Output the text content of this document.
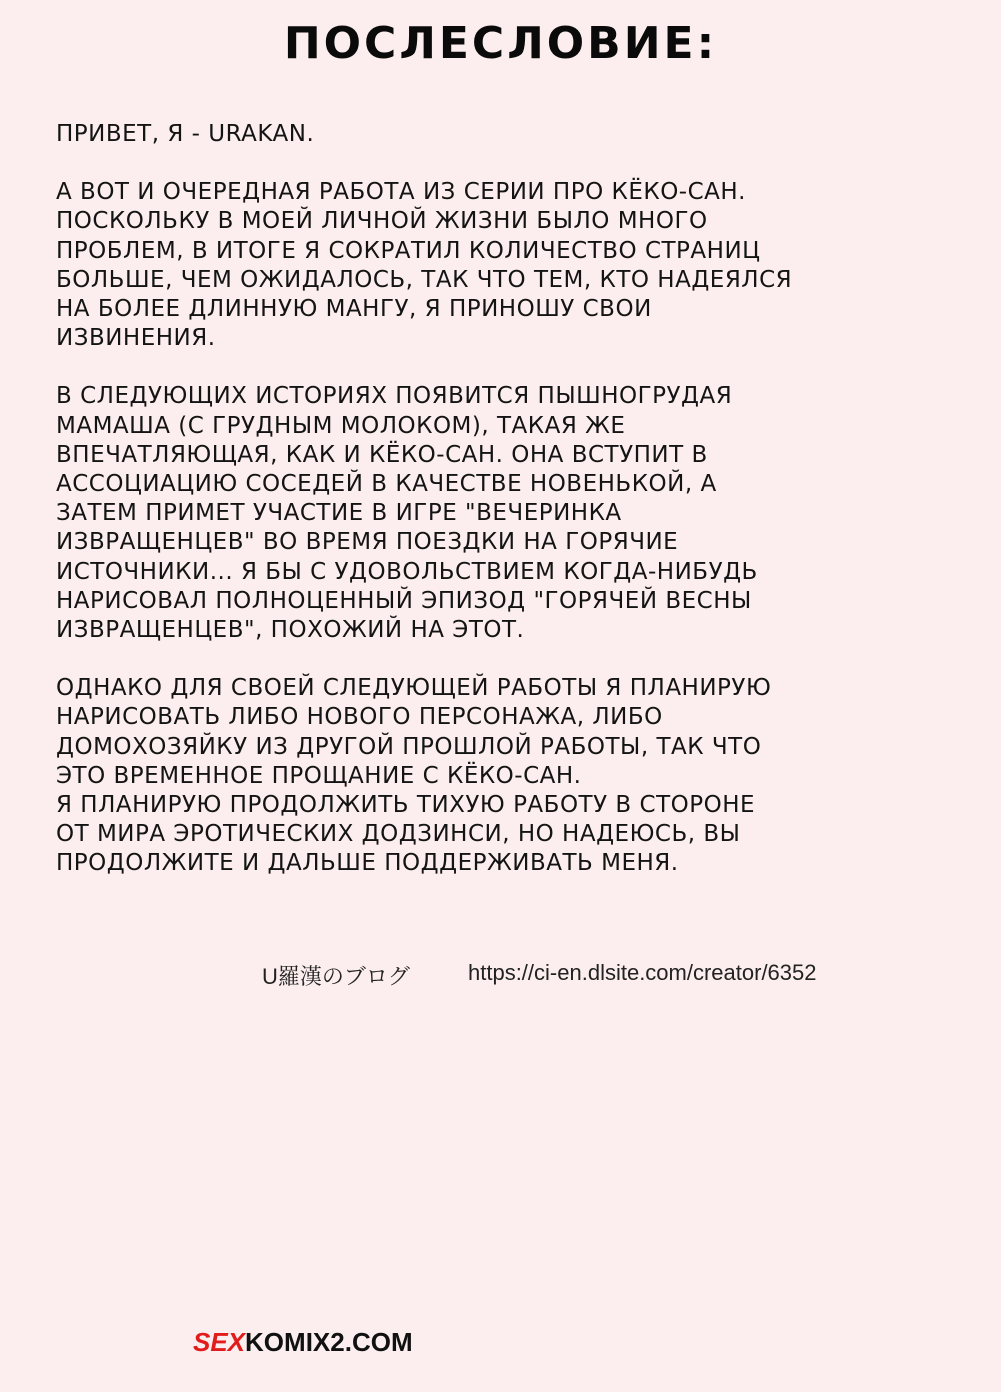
ПОСЛЕСЛОВИЕ:

ПРИВЕТ, Я - URAKAN.

А ВОТ И ОЧЕРЕДНАЯ РАБОТА ИЗ СЕРИИ ПРО КЁКО-САН.
ПОСКОЛЬКУ В МОЕЙ ЛИЧНОЙ ЖИЗНИ БЫЛО МНОГО
ПРОБЛЕМ, В ИТОГЕ Я СОКРАТИЛ КОЛИЧЕСТВО СТРАНИЦ
БОЛЬШЕ, ЧЕМ ОЖИДАЛОСЬ, ТАК ЧТО ТЕМ, КТО НАДЕЯЛСЯ
НА БОЛЕЕ ДЛИННУЮ МАНГУ, Я ПРИНОШУ СВОИ
ИЗВИНЕНИЯ.

В СЛЕДУЮЩИХ ИСТОРИЯХ ПОЯВИТСЯ ПЫШНОГРУДАЯ
МАМАША (С ГРУДНЫМ МОЛОКОМ), ТАКАЯ ЖЕ
ВПЕЧАТЛЯЮЩАЯ, КАК И КЁКО-САН. ОНА ВСТУПИТ В
АССОЦИАЦИЮ СОСЕДЕЙ В КАЧЕСТВЕ НОВЕНЬКОЙ, А
ЗАТЕМ ПРИМЕТ УЧАСТИЕ В ИГРЕ "ВЕЧЕРИНКА
ИЗВРАЩЕНЦЕВ" ВО ВРЕМЯ ПОЕЗДКИ НА ГОРЯЧИЕ
ИСТОЧНИКИ... Я БЫ С УДОВОЛЬСТВИЕМ КОГДА-НИБУДЬ
НАРИСОВАЛ ПОЛНОЦЕННЫЙ ЭПИЗОД "ГОРЯЧЕЙ ВЕСНЫ
ИЗВРАЩЕНЦЕВ", ПОХОЖИЙ НА ЭТОТ.

ОДНАКО ДЛЯ СВОЕЙ СЛЕДУЮЩЕЙ РАБОТЫ Я ПЛАНИРУЮ
НАРИСОВАТЬ ЛИБО НОВОГО ПЕРСОНАЖА, ЛИБО
ДОМОХОЗЯЙКУ ИЗ ДРУГОЙ ПРОШЛОЙ РАБОТЫ, ТАК ЧТО
ЭТО ВРЕМЕННОЕ ПРОЩАНИЕ С КЁКО-САН.
Я ПЛАНИРУЮ ПРОДОЛЖИТЬ ТИХУЮ РАБОТУ В СТОРОНЕ
ОТ МИРА ЭРОТИЧЕСКИХ ДОДЗИНСИ, НО НАДЕЮСЬ, ВЫ
ПРОДОЛЖИТЕ И ДАЛЬШЕ ПОДДЕРЖИВАТЬ МЕНЯ.

U羅漢のブログ	https://ci-en.dlsite.com/creator/6352
SEXKOMIX2.COM
